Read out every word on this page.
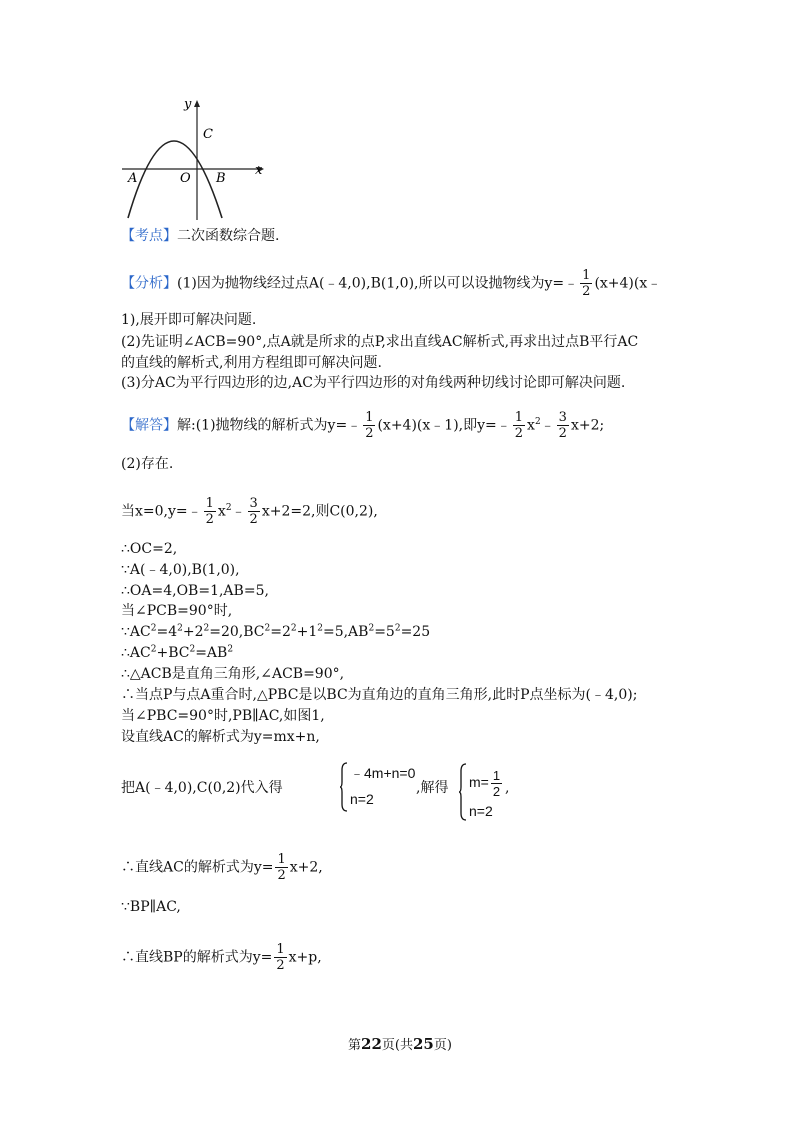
y
x
C
A	O B
【考点】二次函数综合题.
【分析】(1)因为抛物线经过点A(﹣4,0),B(1,0),所以可以设抛物线为y=﹣ $\frac{1}{2}$ (x+4)(x﹣
1),展开即可解决问题.
(2)先证明∠ACB=90°,点A就是所求的点P,求出直线AC解析式,再求出过点B平行AC
的直线的解析式,利用方程组即可解决问题.
(3)分AC为平行四边形的边,AC为平行四边形的对角线两种切线讨论即可解决问题.
【解答】解:(1)抛物线的解析式为y=﹣ $\frac{1}{2}$ (x+4)(x﹣1),即y=﹣ $\frac{1}{2}$ $x^2﹣ \frac{3}{2} x+2$;
(2)存在.
当x=0,y=﹣ $\frac{1}{2}$ $x^2﹣ \frac{3}{2} x+2=2$,则C(0,2),
∴OC=2,
∵A(﹣4,0),B(1,0),
∴OA=4,OB=1,AB=5,
当∠PCB=90°时,
$\because AC^2=4^2+2^2=20,BC^2=2^2+1^2=5,AB^2=5^2=25$
$\therefore AC^2+BC^2=AB^2$
∴△ACB是直角三角形,∠ACB=90°,
∴当点P与点A重合时,△PBC是以BC为直角边的直角三角形,此时P点坐标为(﹣4,0);
当∠PBC=90°时,PB∥AC,如图1,
设直线AC的解析式为y=mx+n,
把A(﹣4,0),C(0,2)代入得
﹣4m+n=0
n=2
,解得 $m= \frac{1}{2}$
n=2
,
∴直线AC的解析式为$y= \frac{1}{2} x+2$,
∵BP∥AC,
∴直线BP的解析式为$y= \frac{1}{2} x+p$,
第22页(共25页)
